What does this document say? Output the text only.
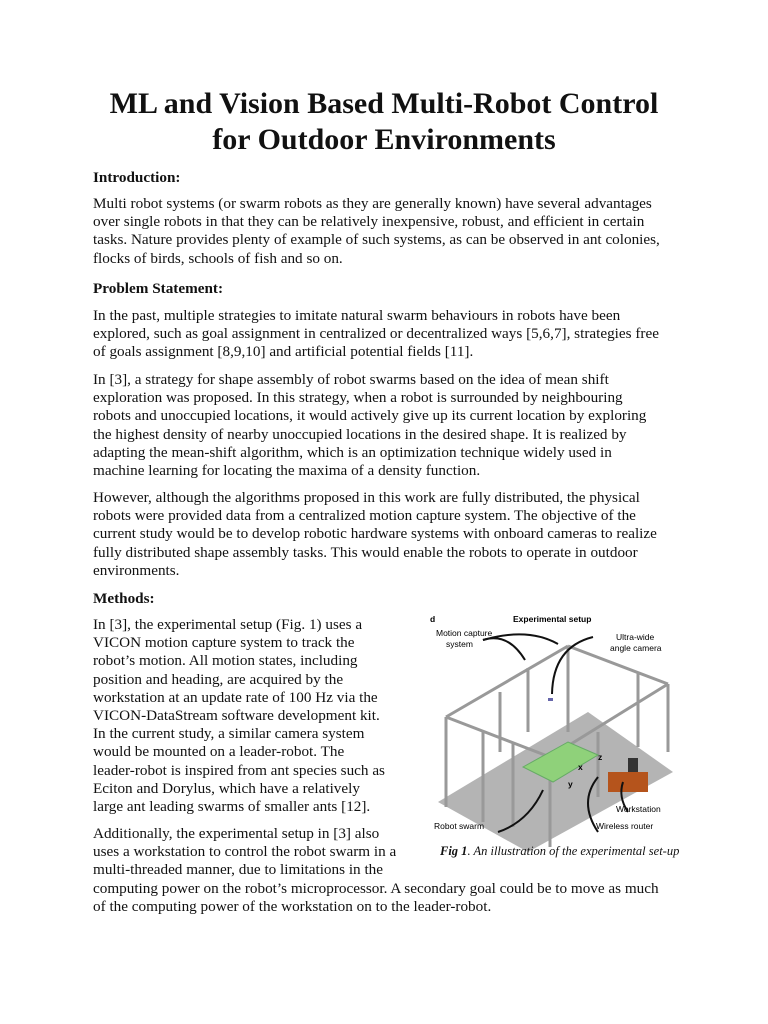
ML and Vision Based Multi-Robot Control
for Outdoor Environments
Introduction:
Multi robot systems (or swarm robots as they are generally known) have several advantages
over single robots in that they can be relatively inexpensive, robust, and efficient in certain
tasks. Nature provides plenty of example of such systems, as can be observed in ant colonies,
flocks of birds, schools of fish and so on.
Problem Statement:
In the past, multiple strategies to imitate natural swarm behaviours in robots have been
explored, such as goal assignment in centralized or decentralized ways [5,6,7], strategies free
of goals assignment [8,9,10] and artificial potential fields [11].
In [3], a strategy for shape assembly of robot swarms based on the idea of mean shift
exploration was proposed. In this strategy, when a robot is surrounded by neighbouring
robots and unoccupied locations, it would actively give up its current location by exploring
the highest density of nearby unoccupied locations in the desired shape. It is realized by
adapting the mean-shift algorithm, which is an optimization technique widely used in
machine learning for locating the maxima of a density function.
However, although the algorithms proposed in this work are fully distributed, the physical
robots were provided data from a centralized motion capture system. The objective of the
current study would be to develop robotic hardware systems with onboard cameras to realize
fully distributed shape assembly tasks. This would enable the robots to operate in outdoor
environments.
Methods:
In [3], the experimental setup (Fig. 1) uses a
VICON motion capture system to track the
robot’s motion. All motion states, including
position and heading, are acquired by the
workstation at an update rate of 100 Hz via the
VICON-DataStream software development kit.
In the current study, a similar camera system
would be mounted on a leader-robot. The
leader-robot is inspired from ant species such as
Eciton and Dorylus, which have a relatively
large ant leading swarms of smaller ants [12].
Additionally, the experimental setup in [3] also
uses a workstation to control the robot swarm in a
multi-threaded manner, due to limitations in the
computing power on the robot’s microprocessor. A secondary goal could be to move as much
of the computing power of the workstation on to the leader-robot.
d	Experimental setup
Motion capture
system
Ultra-wide
angle camera
Workstation
Wireless router
Robot swarm
x
y
z
Fig 1. An illustration of the experimental set-up
